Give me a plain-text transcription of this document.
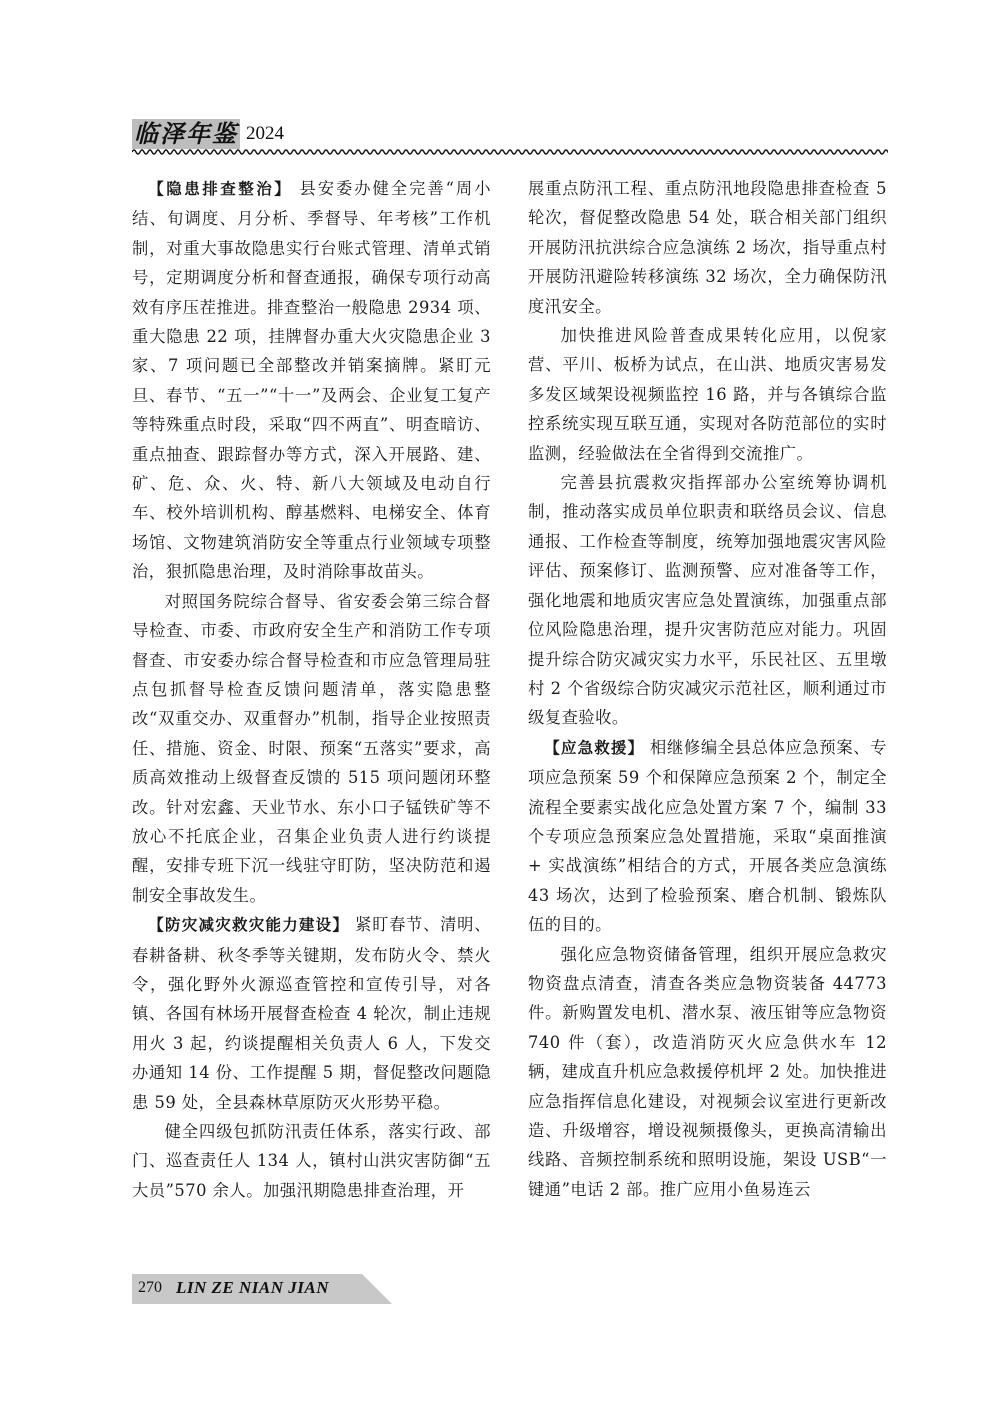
临泽年鉴 2024

【隐患排查整治】 县安委办健全完善“周小结、旬调度、月分析、季督导、年考核”工作机制，对重大事故隐患实行台账式管理、清单式销号，定期调度分析和督查通报，确保专项行动高效有序压茬推进。排查整治一般隐患 2934 项、重大隐患 22 项，挂牌督办重大火灾隐患企业 3 家、7 项问题已全部整改并销案摘牌。紧盯元旦、春节、“五一”“十一”及两会、企业复工复产等特殊重点时段，采取“四不两直”、明查暗访、重点抽查、跟踪督办等方式，深入开展路、建、矿、危、众、火、特、新八大领域及电动自行车、校外培训机构、醇基燃料、电梯安全、体育场馆、文物建筑消防安全等重点行业领域专项整治，狠抓隐患治理，及时消除事故苗头。

对照国务院综合督导、省安委会第三综合督导检查、市委、市政府安全生产和消防工作专项督查、市安委办综合督导检查和市应急管理局驻点包抓督导检查反馈问题清单，落实隐患整改“双重交办、双重督办”机制，指导企业按照责任、措施、资金、时限、预案“五落实”要求，高质高效推动上级督查反馈的 515 项问题闭环整改。针对宏鑫、天业节水、东小口子锰铁矿等不放心不托底企业，召集企业负责人进行约谈提醒，安排专班下沉一线驻守盯防，坚决防范和遏制安全事故发生。

【防灾减灾救灾能力建设】 紧盯春节、清明、春耕备耕、秋冬季等关键期，发布防火令、禁火令，强化野外火源巡查管控和宣传引导，对各镇、各国有林场开展督查检查 4 轮次，制止违规用火 3 起，约谈提醒相关负责人 6 人，下发交办通知 14 份、工作提醒 5 期，督促整改问题隐患 59 处，全县森林草原防灭火形势平稳。

健全四级包抓防汛责任体系，落实行政、部门、巡查责任人 134 人，镇村山洪灾害防御“五大员”570 余人。加强汛期隐患排查治理，开

展重点防汛工程、重点防汛地段隐患排查检查 5 轮次，督促整改隐患 54 处，联合相关部门组织开展防汛抗洪综合应急演练 2 场次，指导重点村开展防汛避险转移演练 32 场次，全力确保防汛度汛安全。

加快推进风险普查成果转化应用，以倪家营、平川、板桥为试点，在山洪、地质灾害易发多发区域架设视频监控 16 路，并与各镇综合监控系统实现互联互通，实现对各防范部位的实时监测，经验做法在全省得到交流推广。

完善县抗震救灾指挥部办公室统筹协调机制，推动落实成员单位职责和联络员会议、信息通报、工作检查等制度，统筹加强地震灾害风险评估、预案修订、监测预警、应对准备等工作，强化地震和地质灾害应急处置演练，加强重点部位风险隐患治理，提升灾害防范应对能力。巩固提升综合防灾减灾实力水平，乐民社区、五里墩村 2 个省级综合防灾减灾示范社区，顺利通过市级复查验收。

【应急救援】 相继修编全县总体应急预案、专项应急预案 59 个和保障应急预案 2 个，制定全流程全要素实战化应急处置方案 7 个，编制 33 个专项应急预案应急处置措施，采取“桌面推演 + 实战演练”相结合的方式，开展各类应急演练 43 场次，达到了检验预案、磨合机制、锻炼队伍的目的。

强化应急物资储备管理，组织开展应急救灾物资盘点清查，清查各类应急物资装备 44773 件。新购置发电机、潜水泵、液压钳等应急物资 740 件（套），改造消防灭火应急供水车 12 辆，建成直升机应急救援停机坪 2 处。加快推进应急指挥信息化建设，对视频会议室进行更新改造、升级增容，增设视频摄像头，更换高清输出线路、音频控制系统和照明设施，架设 USB“一键通”电话 2 部。推广应用小鱼易连云

270 LIN ZE NIAN JIAN
